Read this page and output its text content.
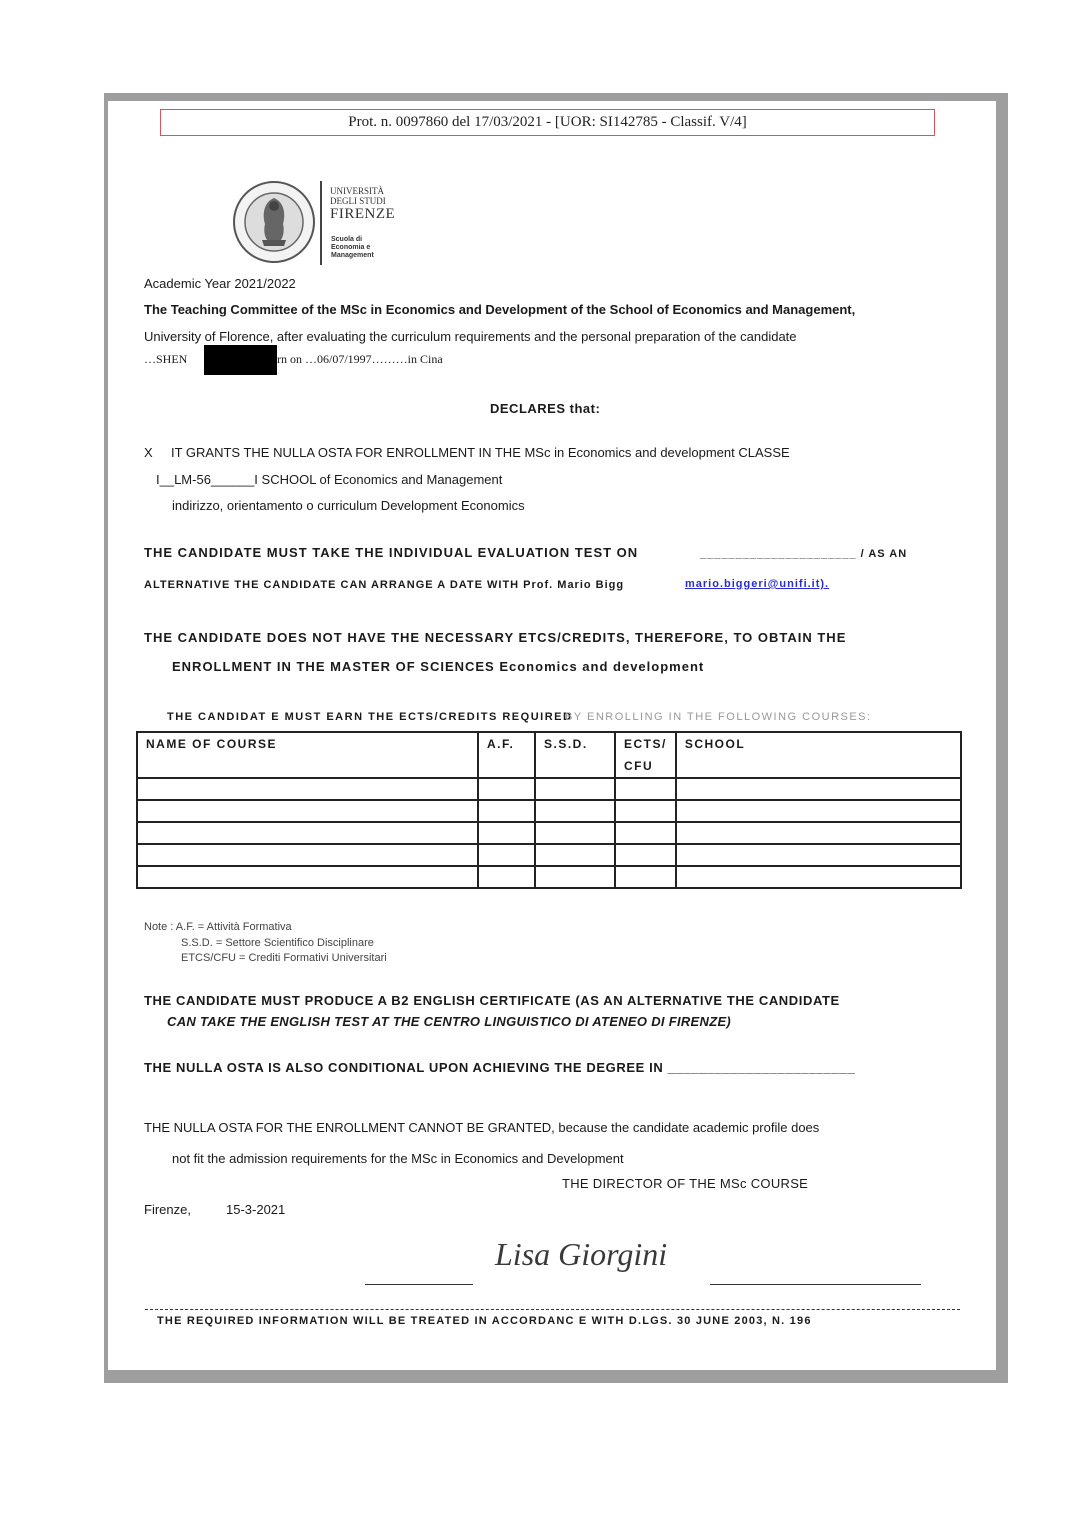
Prot. n. 0097860 del 17/03/2021 - [UOR: SI142785 - Classif. V/4]
UNIVERSITÀ
DEGLI STUDI
FIRENZE
Scuola di
Economia e
Management
Academic Year 2021/2022
The Teaching Committee of the MSc in Economics and Development of the School of Economics and Management,
University of Florence, after evaluating the curriculum requirements and the personal preparation of the candidate
…SHEN	rn on …06/07/1997………in Cina
DECLARES that:
X IT GRANTS THE NULLA OSTA FOR ENROLLMENT IN THE MSc in Economics and development CLASSE
I__LM-56______I SCHOOL of Economics and Management
indirizzo, orientamento o curriculum Development Economics
THE CANDIDATE MUST TAKE THE INDIVIDUAL EVALUATION TEST ON	______________________ / AS AN
ALTERNATIVE THE CANDIDATE CAN ARRANGE A DATE WITH Prof. Mario Bigg	mario.biggeri@unifi.it).
THE CANDIDATE DOES NOT HAVE THE NECESSARY ETCS/CREDITS, THEREFORE, TO OBTAIN THE
ENROLLMENT IN THE MASTER OF SCIENCES Economics and development
THE CANDIDAT E MUST EARN THE ECTS/CREDITS REQUIRED BY ENROLLING IN THE FOLLOWING COURSES:
NAME OF COURSE	A.F.	S.S.D.	ECTS/ CFU	SCHOOL

Note : A.F. = Attività Formativa
S.S.D. = Settore Scientifico Disciplinare
ETCS/CFU = Crediti Formativi Universitari
THE CANDIDATE MUST PRODUCE A B2 ENGLISH CERTIFICATE (AS AN ALTERNATIVE THE CANDIDATE
CAN TAKE THE ENGLISH TEST AT THE CENTRO LINGUISTICO DI ATENEO DI FIRENZE)
THE NULLA OSTA IS ALSO CONDITIONAL UPON ACHIEVING THE DEGREE IN ________________________
THE NULLA OSTA FOR THE ENROLLMENT CANNOT BE GRANTED, because the candidate academic profile does
not fit the admission requirements for the MSc in Economics and Development
THE DIRECTOR OF THE MSc COURSE
Firenze,	15-3-2021
Lisa Giorgini
THE REQUIRED INFORMATION WILL BE TREATED IN ACCORDANC E WITH D.LGS. 30 JUNE 2003, N. 196
